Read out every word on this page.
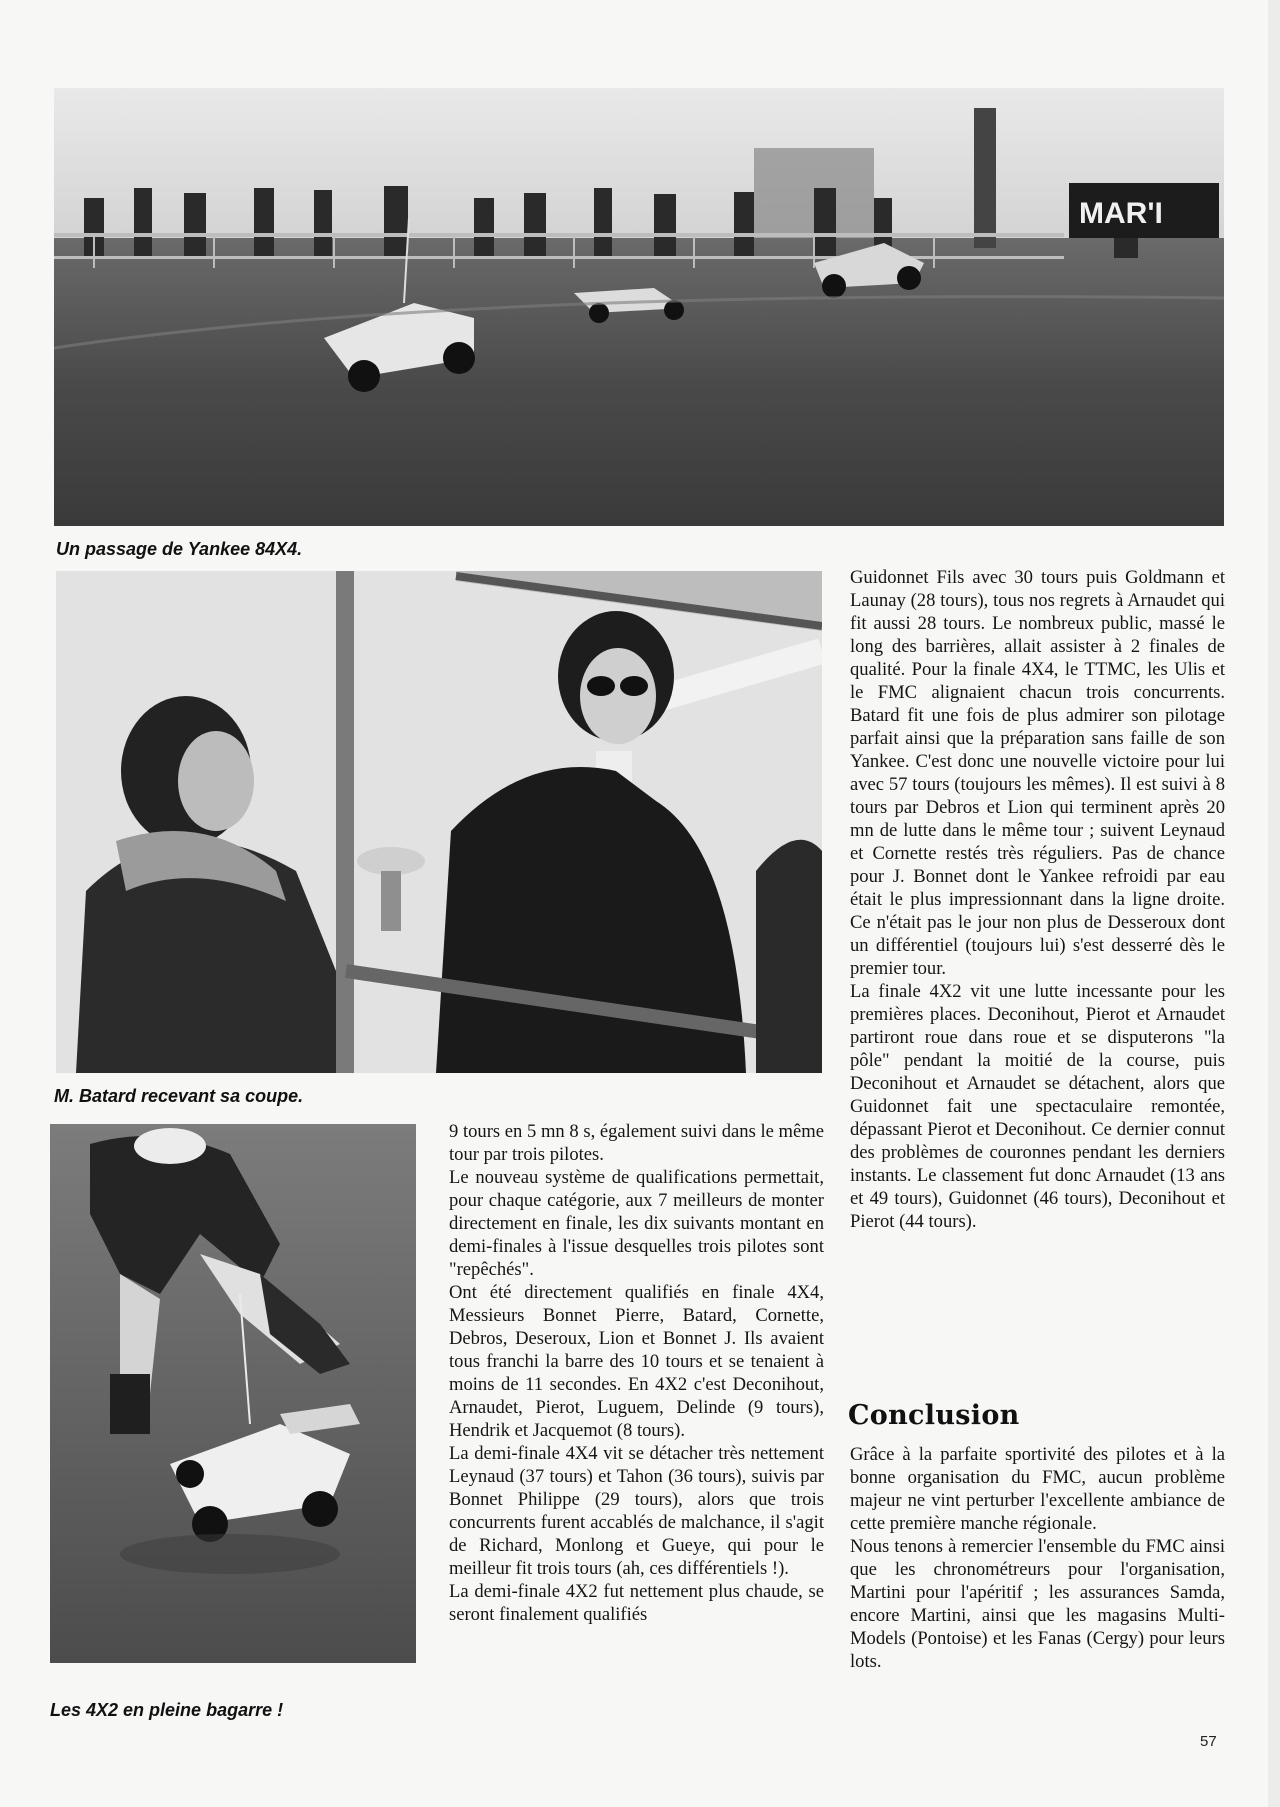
MAR'I
Un passage de Yankee 84X4.
M. Batard recevant sa coupe.
Les 4X2 en pleine bagarre !

9 tours en 5 mn 8 s, également suivi dans le même tour par trois pilotes.

Le nouveau système de qualifications permettait, pour chaque catégorie, aux 7 meilleurs de monter directement en finale, les dix suivants montant en demi-finales à l'issue desquelles trois pilotes sont "repêchés".

Ont été directement qualifiés en finale 4X4, Messieurs Bonnet Pierre, Batard, Cornette, Debros, Deseroux, Lion et Bonnet J. Ils avaient tous franchi la barre des 10 tours et se tenaient à moins de 11 secondes. En 4X2 c'est Deconihout, Arnaudet, Pierot, Luguem, Delinde (9 tours), Hendrik et Jacquemot (8 tours).

La demi-finale 4X4 vit se détacher très nettement Leynaud (37 tours) et Tahon (36 tours), suivis par Bonnet Philippe (29 tours), alors que trois concurrents furent accablés de malchance, il s'agit de Richard, Monlong et Gueye, qui pour le meilleur fit trois tours (ah, ces différentiels !).

La demi-finale 4X2 fut nettement plus chaude, se seront finalement qualifiés

Guidonnet Fils avec 30 tours puis Goldmann et Launay (28 tours), tous nos regrets à Arnaudet qui fit aussi 28 tours. Le nombreux public, massé le long des barrières, allait assister à 2 finales de qualité. Pour la finale 4X4, le TTMC, les Ulis et le FMC alignaient chacun trois concurrents. Batard fit une fois de plus admirer son pilotage parfait ainsi que la préparation sans faille de son Yankee. C'est donc une nouvelle victoire pour lui avec 57 tours (toujours les mêmes). Il est suivi à 8 tours par Debros et Lion qui terminent après 20 mn de lutte dans le même tour ; suivent Leynaud et Cornette restés très réguliers. Pas de chance pour J. Bonnet dont le Yankee refroidi par eau était le plus impressionnant dans la ligne droite. Ce n'était pas le jour non plus de Desseroux dont un différentiel (toujours lui) s'est desserré dès le premier tour.

La finale 4X2 vit une lutte incessante pour les premières places. Deconihout, Pierot et Arnaudet partiront roue dans roue et se disputerons "la pôle" pendant la moitié de la course, puis Deconihout et Arnaudet se détachent, alors que Guidonnet fait une spectaculaire remontée, dépassant Pierot et Deconihout. Ce dernier connut des problèmes de couronnes pendant les derniers instants. Le classement fut donc Arnaudet (13 ans et 49 tours), Guidonnet (46 tours), Deconihout et Pierot (44 tours).

Conclusion

Grâce à la parfaite sportivité des pilotes et à la bonne organisation du FMC, aucun problème majeur ne vint perturber l'excellente ambiance de cette première manche régionale.

Nous tenons à remercier l'ensemble du FMC ainsi que les chronométreurs pour l'organisation, Martini pour l'apéritif ; les assurances Samda, encore Martini, ainsi que les magasins Multi-Models (Pontoise) et les Fanas (Cergy) pour leurs lots.

57
